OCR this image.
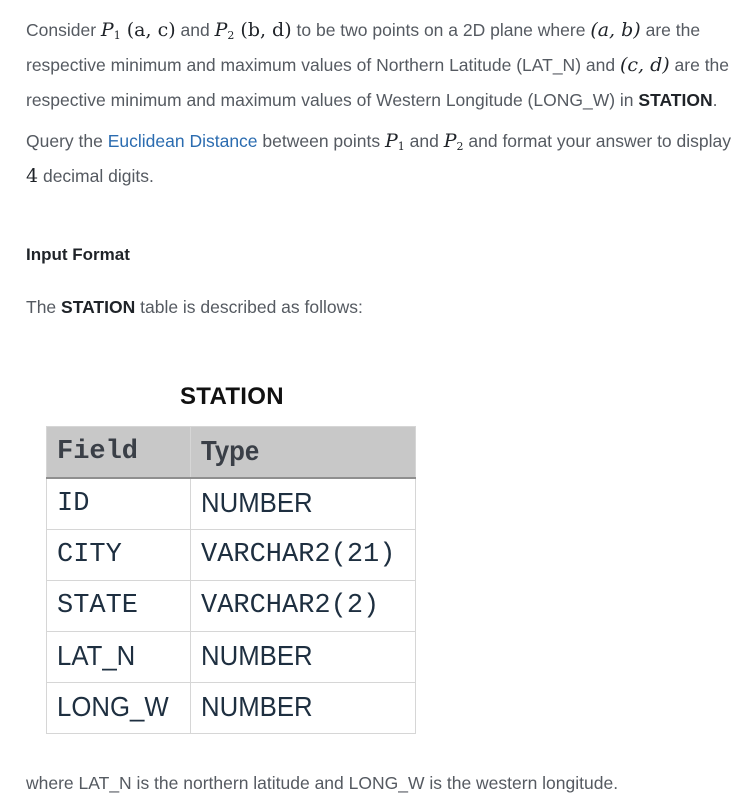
Consider $P_1$ (a, c) and $P_2$ (b, d) to be two points on a 2D plane where (a, b) are the respective minimum and maximum values of Northern Latitude (LAT_N) and (c, d) are the respective minimum and maximum values of Western Longitude (LONG_W) in STATION.

Query the Euclidean Distance between points $P_1$ and $P_2$ and format your answer to display 4 decimal digits.

Input Format

The STATION table is described as follows:

STATION
Field	Type
ID	NUMBER
CITY	VARCHAR2(21)
STATE	VARCHAR2(2)
LAT_N	NUMBER
LONG_W	NUMBER

where LAT_N is the northern latitude and LONG_W is the western longitude.
